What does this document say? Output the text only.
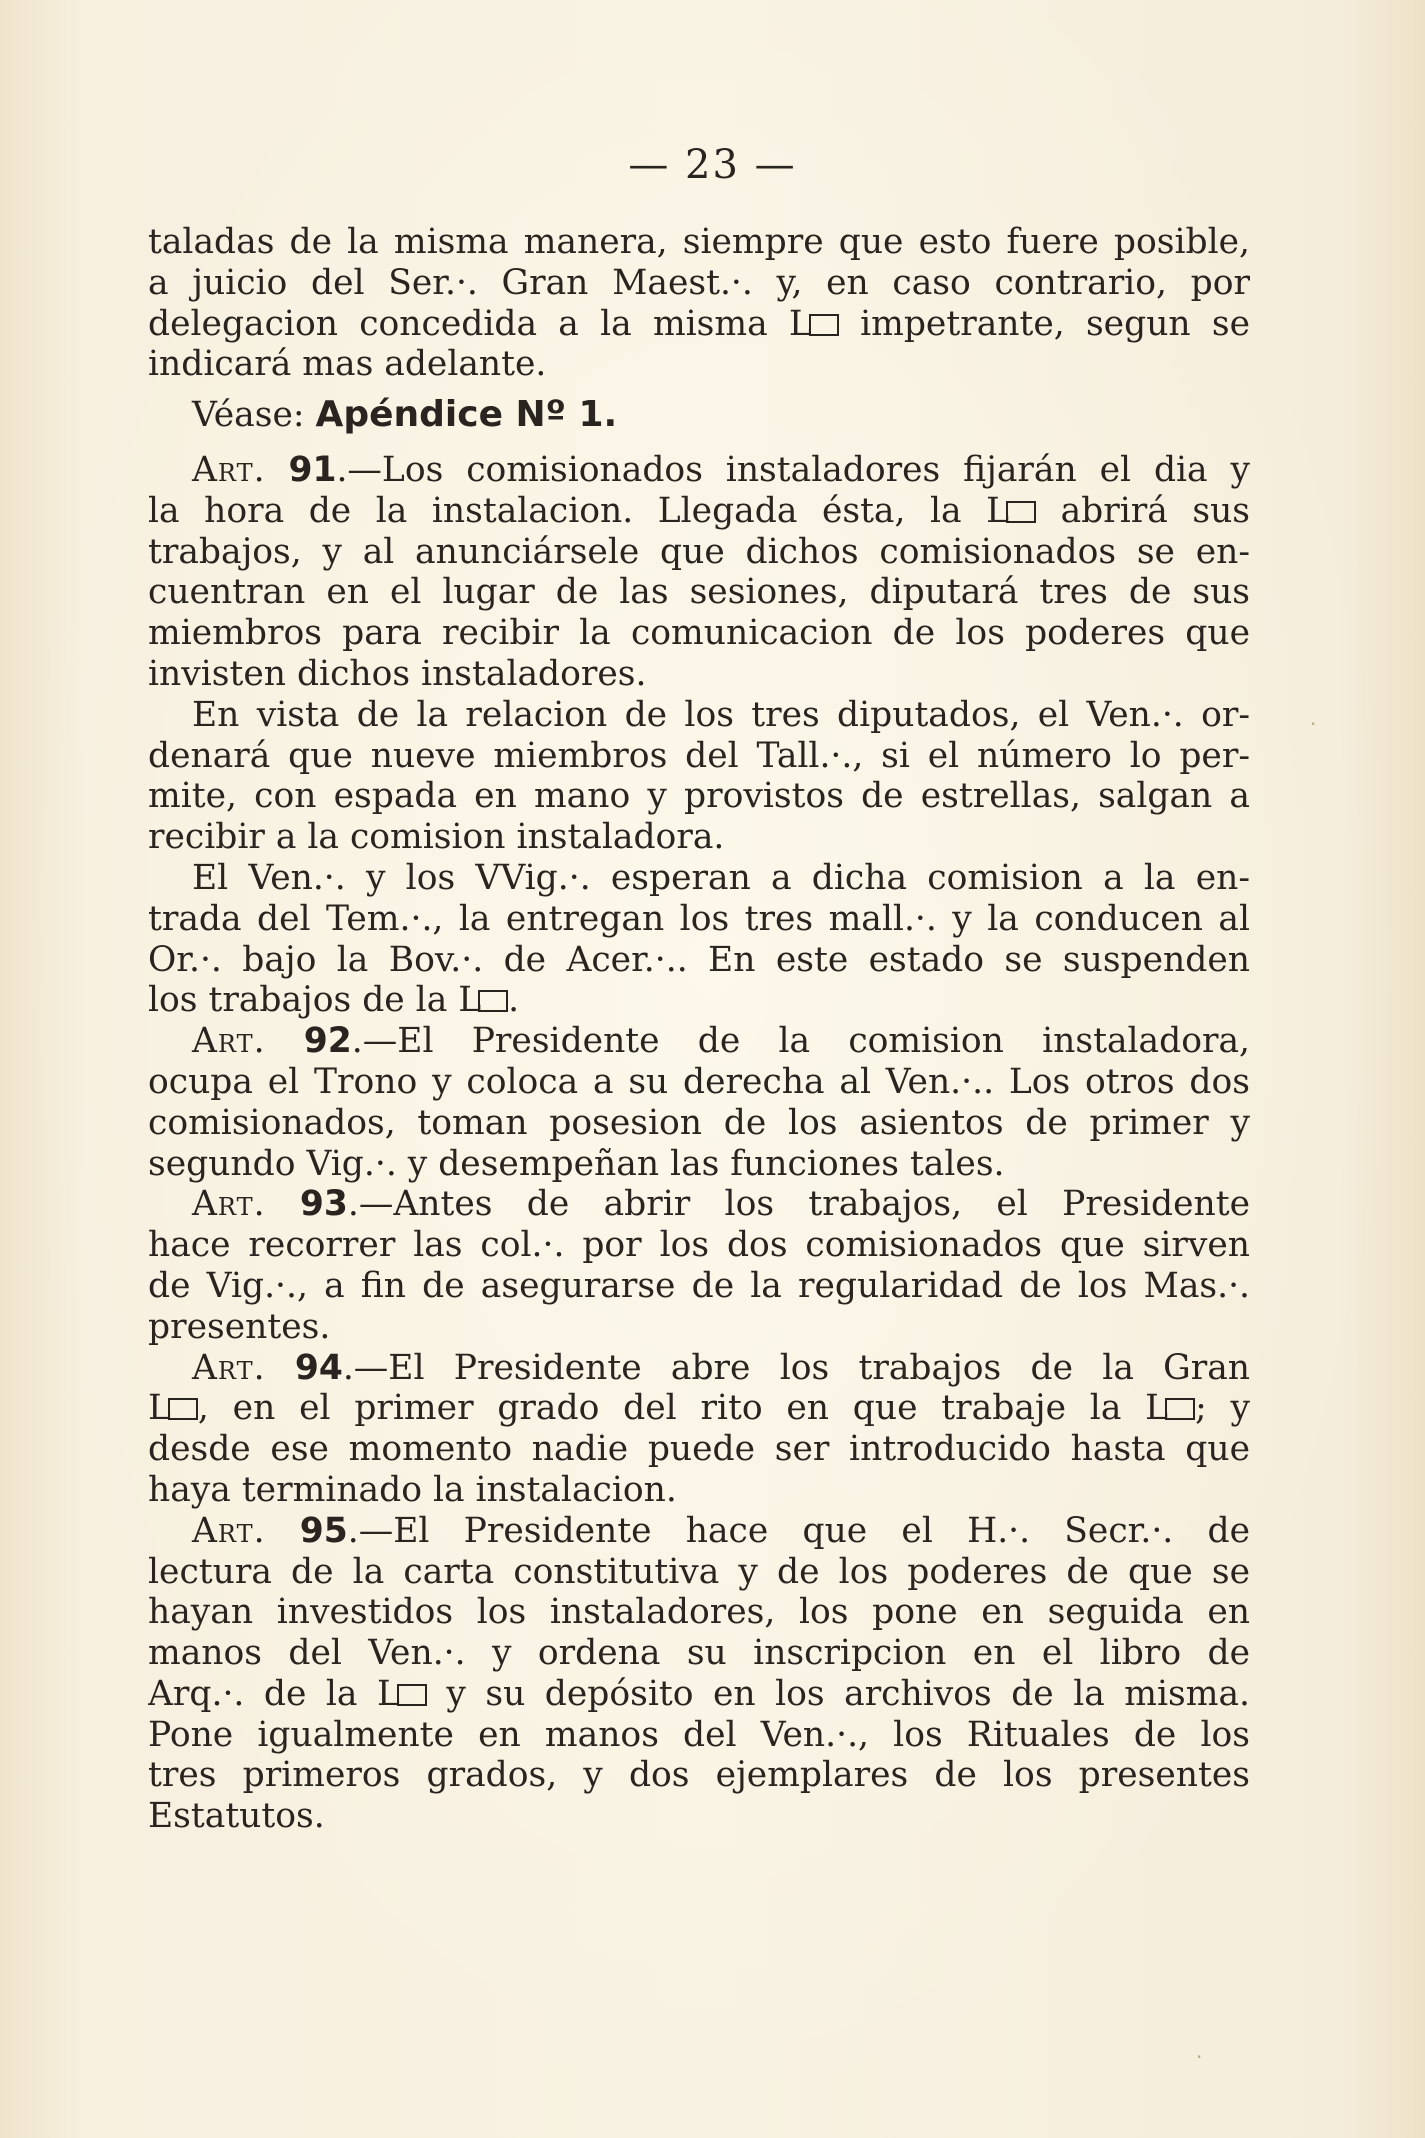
— 23 —
taladas de la misma manera, siempre que esto fuere posible,
a juicio del Ser.·. Gran Maest.·. y, en caso contrario, por
delegacion concedida a la misma L impetrante, segun se
indicará mas adelante.
Véase: Apéndice Nº 1.
Art. 91.—Los comisionados instaladores fijarán el dia y
la hora de la instalacion. Llegada ésta, la L abrirá sus
trabajos, y al anunciársele que dichos comisionados se en-
cuentran en el lugar de las sesiones, diputará tres de sus
miembros para recibir la comunicacion de los poderes que
invisten dichos instaladores.
En vista de la relacion de los tres diputados, el Ven.·. or-
denará que nueve miembros del Tall.·., si el número lo per-
mite, con espada en mano y provistos de estrellas, salgan a
recibir a la comision instaladora.
El Ven.·. y los VVig.·. esperan a dicha comision a la en-
trada del Tem.·., la entregan los tres mall.·. y la conducen al
Or.·. bajo la Bov.·. de Acer.·.. En este estado se suspenden
los trabajos de la L .
Art. 92.—El Presidente de la comision instaladora,
ocupa el Trono y coloca a su derecha al Ven.·.. Los otros dos
comisionados, toman posesion de los asientos de primer y
segundo Vig.·. y desempeñan las funciones tales.
Art. 93.—Antes de abrir los trabajos, el Presidente
hace recorrer las col.·. por los dos comisionados que sirven
de Vig.·., a fin de asegurarse de la regularidad de los Mas.·.
presentes.
Art. 94.—El Presidente abre los trabajos de la Gran
L , en el primer grado del rito en que trabaje la L ; y
desde ese momento nadie puede ser introducido hasta que
haya terminado la instalacion.
Art. 95.—El Presidente hace que el H.·. Secr.·. de
lectura de la carta constitutiva y de los poderes de que se
hayan investidos los instaladores, los pone en seguida en
manos del Ven.·. y ordena su inscripcion en el libro de
Arq.·. de la L y su depósito en los archivos de la misma.
Pone igualmente en manos del Ven.·., los Rituales de los
tres primeros grados, y dos ejemplares de los presentes
Estatutos.
·
·
